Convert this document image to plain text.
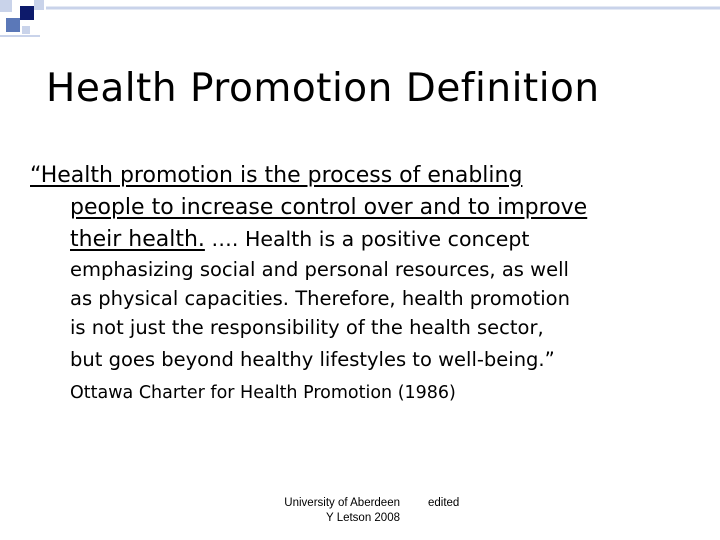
Health Promotion Definition
“Health promotion is the process of enabling
people to increase control over and to improve
their health. …. Health is a positive concept
emphasizing social and personal resources, as well
as physical capacities. Therefore, health promotion
is not just the responsibility of the health sector,
but goes beyond healthy lifestyles to well-being.”
Ottawa Charter for Health Promotion (1986)
University of Aberdeen
Y Letson 2008
edited
